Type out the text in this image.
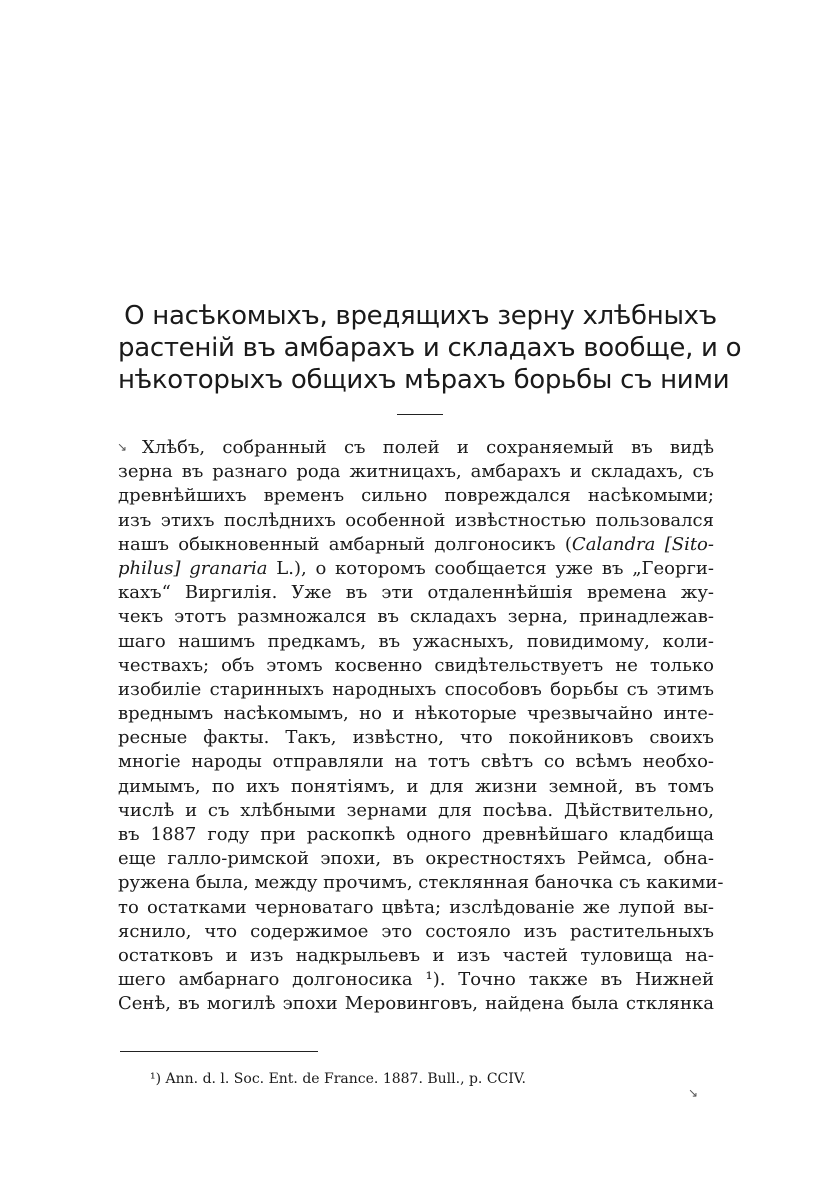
О насѣкомыхъ, вредящихъ зерну хлѣбныхъ
растеній въ амбарахъ и складахъ вообще, и о
нѣкоторыхъ общихъ мѣрахъ борьбы съ ними
↘ Хлѣбъ, собранный съ полей и сохраняемый въ видѣ
зерна въ разнаго рода житницахъ, амбарахъ и складахъ, съ
древнѣйшихъ временъ сильно повреждался насѣкомыми;
изъ этихъ послѣднихъ особенной извѣстностью пользовался
нашъ обыкновенный амбарный долгоносикъ (Calandra [Sito-
philus] granaria L.), о которомъ сообщается уже въ „Георги-
кахъ“ Виргилія. Уже въ эти отдаленнѣйшія времена жу-
чекъ этотъ размножался въ складахъ зерна, принадлежав-
шаго нашимъ предкамъ, въ ужасныхъ, повидимому, коли-
чествахъ; объ этомъ косвенно свидѣтельствуетъ не только
изобиліе старинныхъ народныхъ способовъ борьбы съ этимъ
вреднымъ насѣкомымъ, но и нѣкоторые чрезвычайно инте-
ресные факты. Такъ, извѣстно, что покойниковъ своихъ
многіе народы отправляли на тотъ свѣтъ со всѣмъ необхо-
димымъ, по ихъ понятіямъ, и для жизни земной, въ томъ
числѣ и съ хлѣбными зернами для посѣва. Дѣйствительно,
въ 1887 году при раскопкѣ одного древнѣйшаго кладбища
еще галло-римской эпохи, въ окрестностяхъ Реймса, обна-
ружена была, между прочимъ, стеклянная баночка съ какими-
то остатками черноватаго цвѣта; изслѣдованіе же лупой вы-
яснило, что содержимое это состояло изъ растительныхъ
остатковъ и изъ надкрыльевъ и изъ частей туловища на-
шего амбарнаго долгоносика ¹). Точно также въ Нижней
Сенѣ, въ могилѣ эпохи Меровинговъ, найдена была стклянка
¹) Ann. d. l. Soc. Ent. de France. 1887. Bull., p. CCIV.
↘
